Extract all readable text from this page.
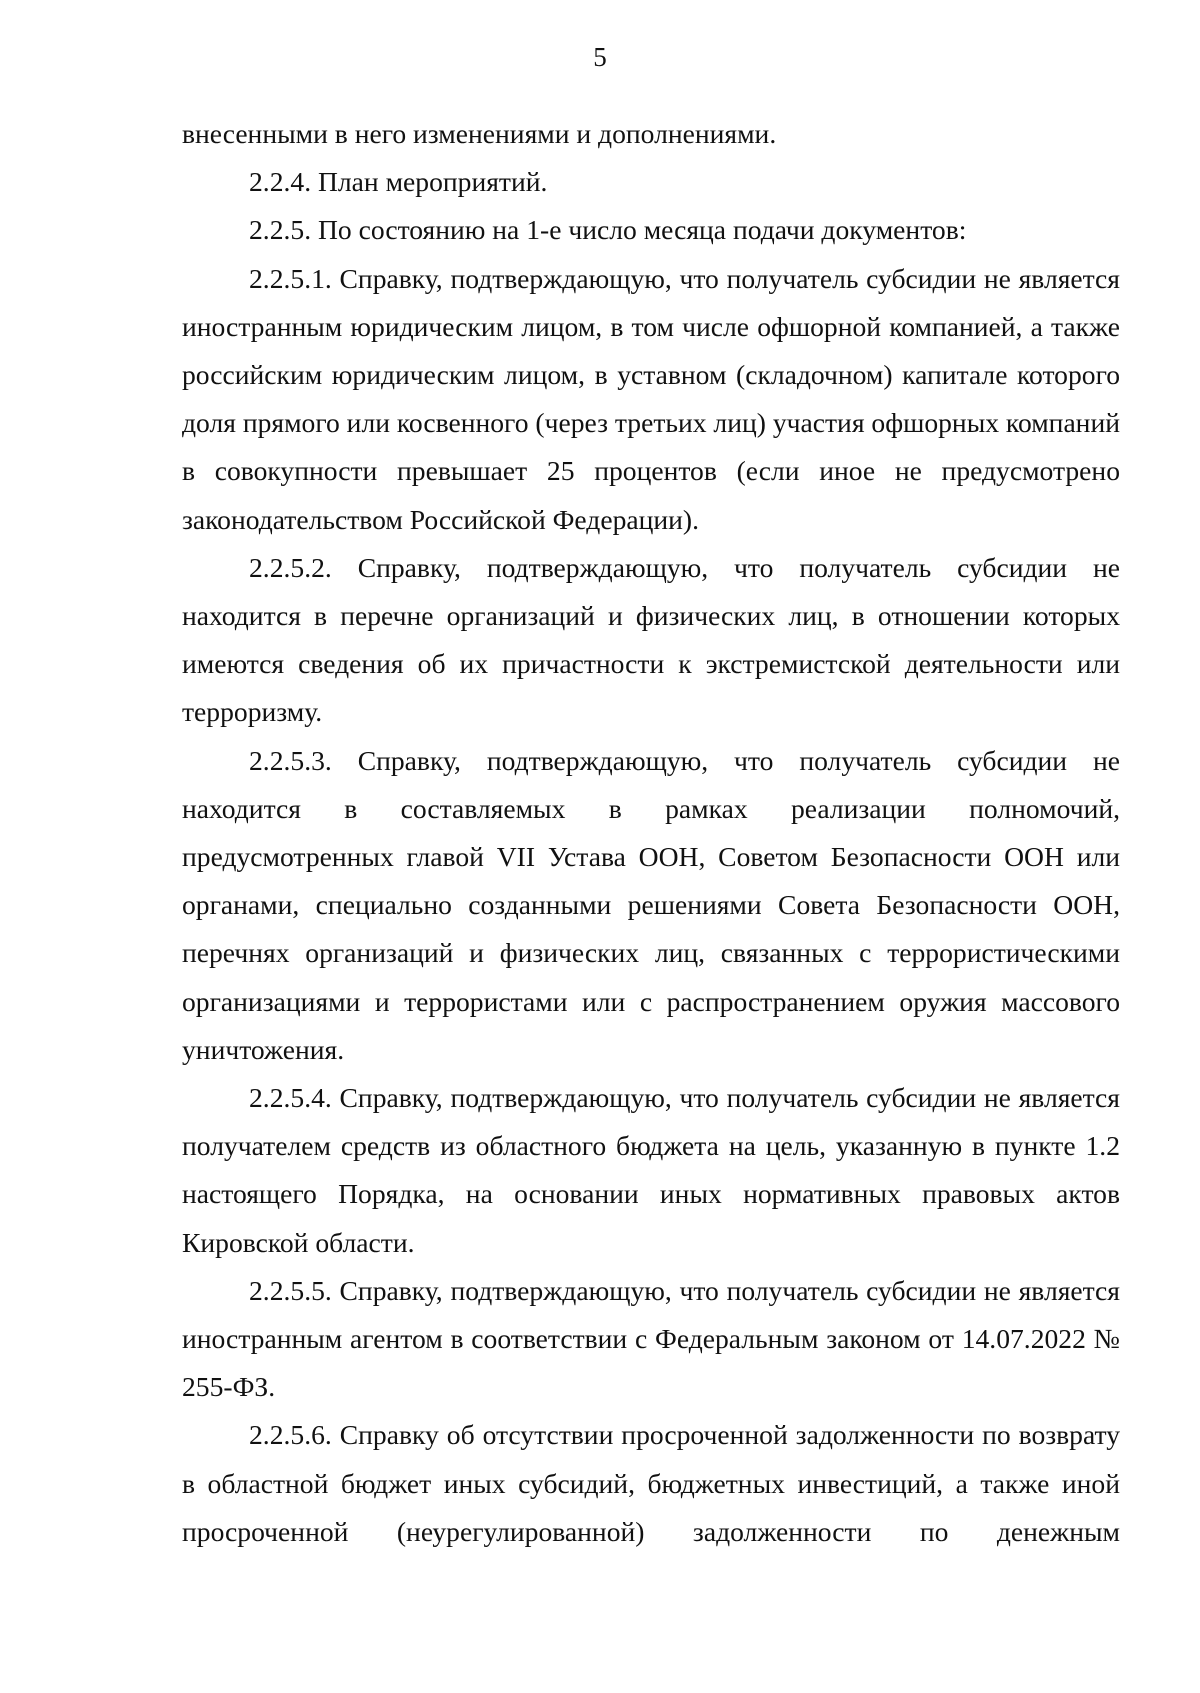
5

внесенными в него изменениями и дополнениями.

2.2.4. План мероприятий.

2.2.5. По состоянию на 1-е число месяца подачи документов:

2.2.5.1. Справку, подтверждающую, что получатель субсидии не является иностранным юридическим лицом, в том числе офшорной компанией, а также российским юридическим лицом, в уставном (складочном) капитале которого доля прямого или косвенного (через третьих лиц) участия офшорных компаний в совокупности превышает 25 процентов (если иное не предусмотрено законодательством Российской Федерации).

2.2.5.2. Справку, подтверждающую, что получатель субсидии не находится в перечне организаций и физических лиц, в отношении которых имеются сведения об их причастности к экстремистской деятельности или терроризму.

2.2.5.3. Справку, подтверждающую, что получатель субсидии не находится в составляемых в рамках реализации полномочий, предусмотренных главой VII Устава ООН, Советом Безопасности ООН или органами, специально созданными решениями Совета Безопасности ООН, перечнях организаций и физических лиц, связанных с террористическими организациями и террористами или с распространением оружия массового уничтожения.

2.2.5.4. Справку, подтверждающую, что получатель субсидии не является получателем средств из областного бюджета на цель, указанную в пункте 1.2 настоящего Порядка, на основании иных нормативных правовых актов Кировской области.

2.2.5.5. Справку, подтверждающую, что получатель субсидии не является иностранным агентом в соответствии с Федеральным законом от 14.07.2022 № 255-ФЗ.

2.2.5.6. Справку об отсутствии просроченной задолженности по возврату в областной бюджет иных субсидий, бюджетных инвестиций, а также иной просроченной (неурегулированной) задолженности по денежным
